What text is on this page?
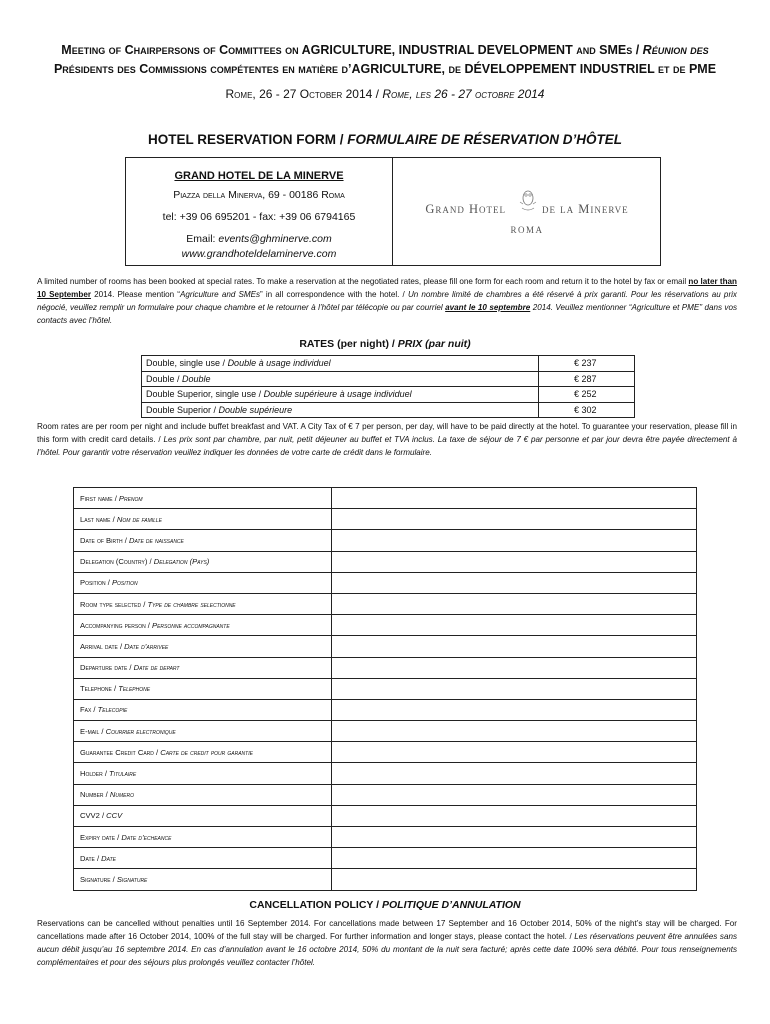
Meeting of Chairpersons of Committees on AGRICULTURE, INDUSTRIAL DEVELOPMENT and SMEs / Réunion des
Présidents des Commissions compétentes en matière d’AGRICULTURE, de DÉVELOPPEMENT INDUSTRIEL et de PME
Rome, 26 - 27 October 2014 / Rome, les 26 - 27 octobre 2014
HOTEL RESERVATION FORM / FORMULAIRE DE RÉSERVATION D’HÔTEL
GRAND HOTEL DE LA MINERVE
Piazza della Minerva, 69 - 00186 Roma
tel: +39 06 695201 - fax: +39 06 6794165
Email: events@ghminerve.com
www.grandhoteldelaminerve.com
Grand Hotel	de la Minerve
ROMA
A limited number of rooms has been booked at special rates. To make a reservation at the negotiated rates, please fill one form for each room and return it to the hotel by fax or email no later than 10 September 2014. Please mention “Agriculture and SMEs” in all correspondence with the hotel. / Un nombre limité de chambres a été réservé à prix garanti. Pour les réservations au prix négocié, veuillez remplir un formulaire pour chaque chambre et le retourner à l’hôtel par télécopie ou par courriel avant le 10 septembre 2014. Veuillez mentionner “Agriculture et PME” dans vos contacts avec l’hôtel.
RATES (per night) / PRIX (par nuit)
Double, single use / Double à usage individuel	€ 237
Double / Double	€ 287
Double Superior, single use / Double supérieure à usage individuel	€ 252
Double Superior / Double supérieure	€ 302
Room rates are per room per night and include buffet breakfast and VAT. A City Tax of € 7 per person, per day, will have to be paid directly at the hotel. To guarantee your reservation, please fill in this form with credit card details. / Les prix sont par chambre, par nuit, petit déjeuner au buffet et TVA inclus. La taxe de séjour de 7 € par personne et par jour devra être payée directement à l’hôtel. Pour garantir votre réservation veuillez indiquer les données de votre carte de crédit dans le formulaire.
First name / Prenom	
Last name / Nom de famille	
Date of Birth / Date de naissance	
Delegation (Country) / Delegation (Pays)	
Position / Position	
Room type selected / Type de chambre selectionne	
Accompanying person / Personne accompagnante	
Arrival date / Date d’arrivee	
Departure date / Date de depart	
Telephone / Telephone	
Fax / Telecopie	
E-mail / Courrier electronique	
Guarantee Credit Card / Carte de credit pour garantie	
Holder / Titulaire	
Number / Numero	
CVV2 / CCV	
Expiry date / Date d’echeance	
Date / Date	
Signature / Signature	
CANCELLATION POLICY / POLITIQUE D’ANNULATION
Reservations can be cancelled without penalties until 16 September 2014. For cancellations made between 17 September and 16 October 2014, 50% of the night’s stay will be charged. For cancellations made after 16 October 2014, 100% of the full stay will be charged. For further information and longer stays, please contact the hotel. / Les réservations peuvent être annulées sans aucun débit jusqu’au 16 septembre 2014. En cas d’annulation avant le 16 octobre 2014, 50% du montant de la nuit sera facturé; après cette date 100% sera débité. Pour tous renseignements complémentaires et pour des séjours plus prolongés veuillez contacter l’hôtel.
